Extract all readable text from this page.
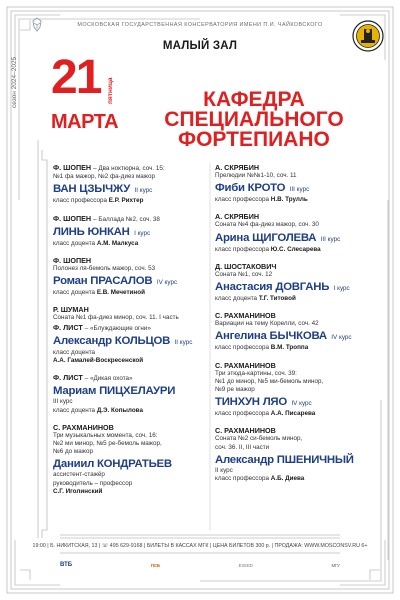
МОСКОВСКАЯ ГОСУДАРСТВЕННАЯ КОНСЕРВАТОРИЯ ИМЕНИ П.И. ЧАЙКОВСКОГО
МАЛЫЙ ЗАЛ
сезон 2024–2025 21 пятница
МАРТА
КАФЕДРА
СПЕЦИАЛЬНОГО
ФОРТЕПИАНО
Ф. ШОПЕН – Два ноктюрна, соч. 15:
№1 фа мажор, №2 фа-диез мажор
ВАН ЦЗЫЧЖУ II курс
класс профессора Е.Р. Рихтер
Ф. ШОПЕН – Баллада №2, соч. 38
ЛИНЬ ЮНКАН I курс
класс доцента А.М. Малкуса
Ф. ШОПЕН
Полонез ля-бемоль мажор, соч. 53
Роман ПРАСАЛОВ IV курс
класс доцента Е.В. Мечетиной
Р. ШУМАН
Соната №1 фа-диез минор, соч. 11. I часть
Ф. ЛИСТ – «Блуждающие огни»
Александр КОЛЬЦОВ II курс
класс доцента
А.А. Гамалей-Воскресенской
Ф. ЛИСТ – «Дикая охота»
Мариам ПИЦХЕЛАУРИ
III курс
класс доцента Д.Э. Копылова
С. РАХМАНИНОВ
Три музыкальных момента, соч. 16:
№2 ми минор, №5 ре-бемоль мажор,
№6 до мажор
Даниил КОНДРАТЬЕВ
ассистент-стажёр
руководитель – профессор
С.Г. Иголинский
А. СКРЯБИН
Прелюдии №№1-10, соч. 11
Фиби КРОТО III курс
класс профессора Н.В. Трулль
А. СКРЯБИН
Соната №4 фа-диез мажор, соч. 30
Арина ЩИГОЛЕВА III курс
класс профессора Ю.С. Слесарева
Д. ШОСТАКОВИЧ
Соната №1, соч. 12
Анастасия ДОВГАНЬ I курс
класс доцента Т.Г. Титовой
С. РАХМАНИНОВ
Вариации на тему Корелли, соч. 42
Ангелина БЫЧКОВА IV курс
класс профессора В.М. Троппа
С. РАХМАНИНОВ
Три этюда-картины, соч. 39:
№1 до минор, №5 ми-бемоль минор,
№9 ре мажор
ТИНХУН ЛЯО IV курс
класс профессора А.А. Писарева
С. РАХМАНИНОВ
Соната №2 си-бемоль минор,
соч. 36. II, III части
Александр ПШЕНИЧНЫЙ
II курс
класс профессора А.Б. Диева
19:00 | Б. НИКИТСКАЯ, 13 | ☏ 495 629-9168 | БИЛЕТЫ В КАССАХ МГК | ЦЕНА БИЛЕТОВ 300 р. | ПРОДАЖА: WWW.MOSCONSV.RU 6+
ВТБ	ПСБ	EXEED	МГУ
